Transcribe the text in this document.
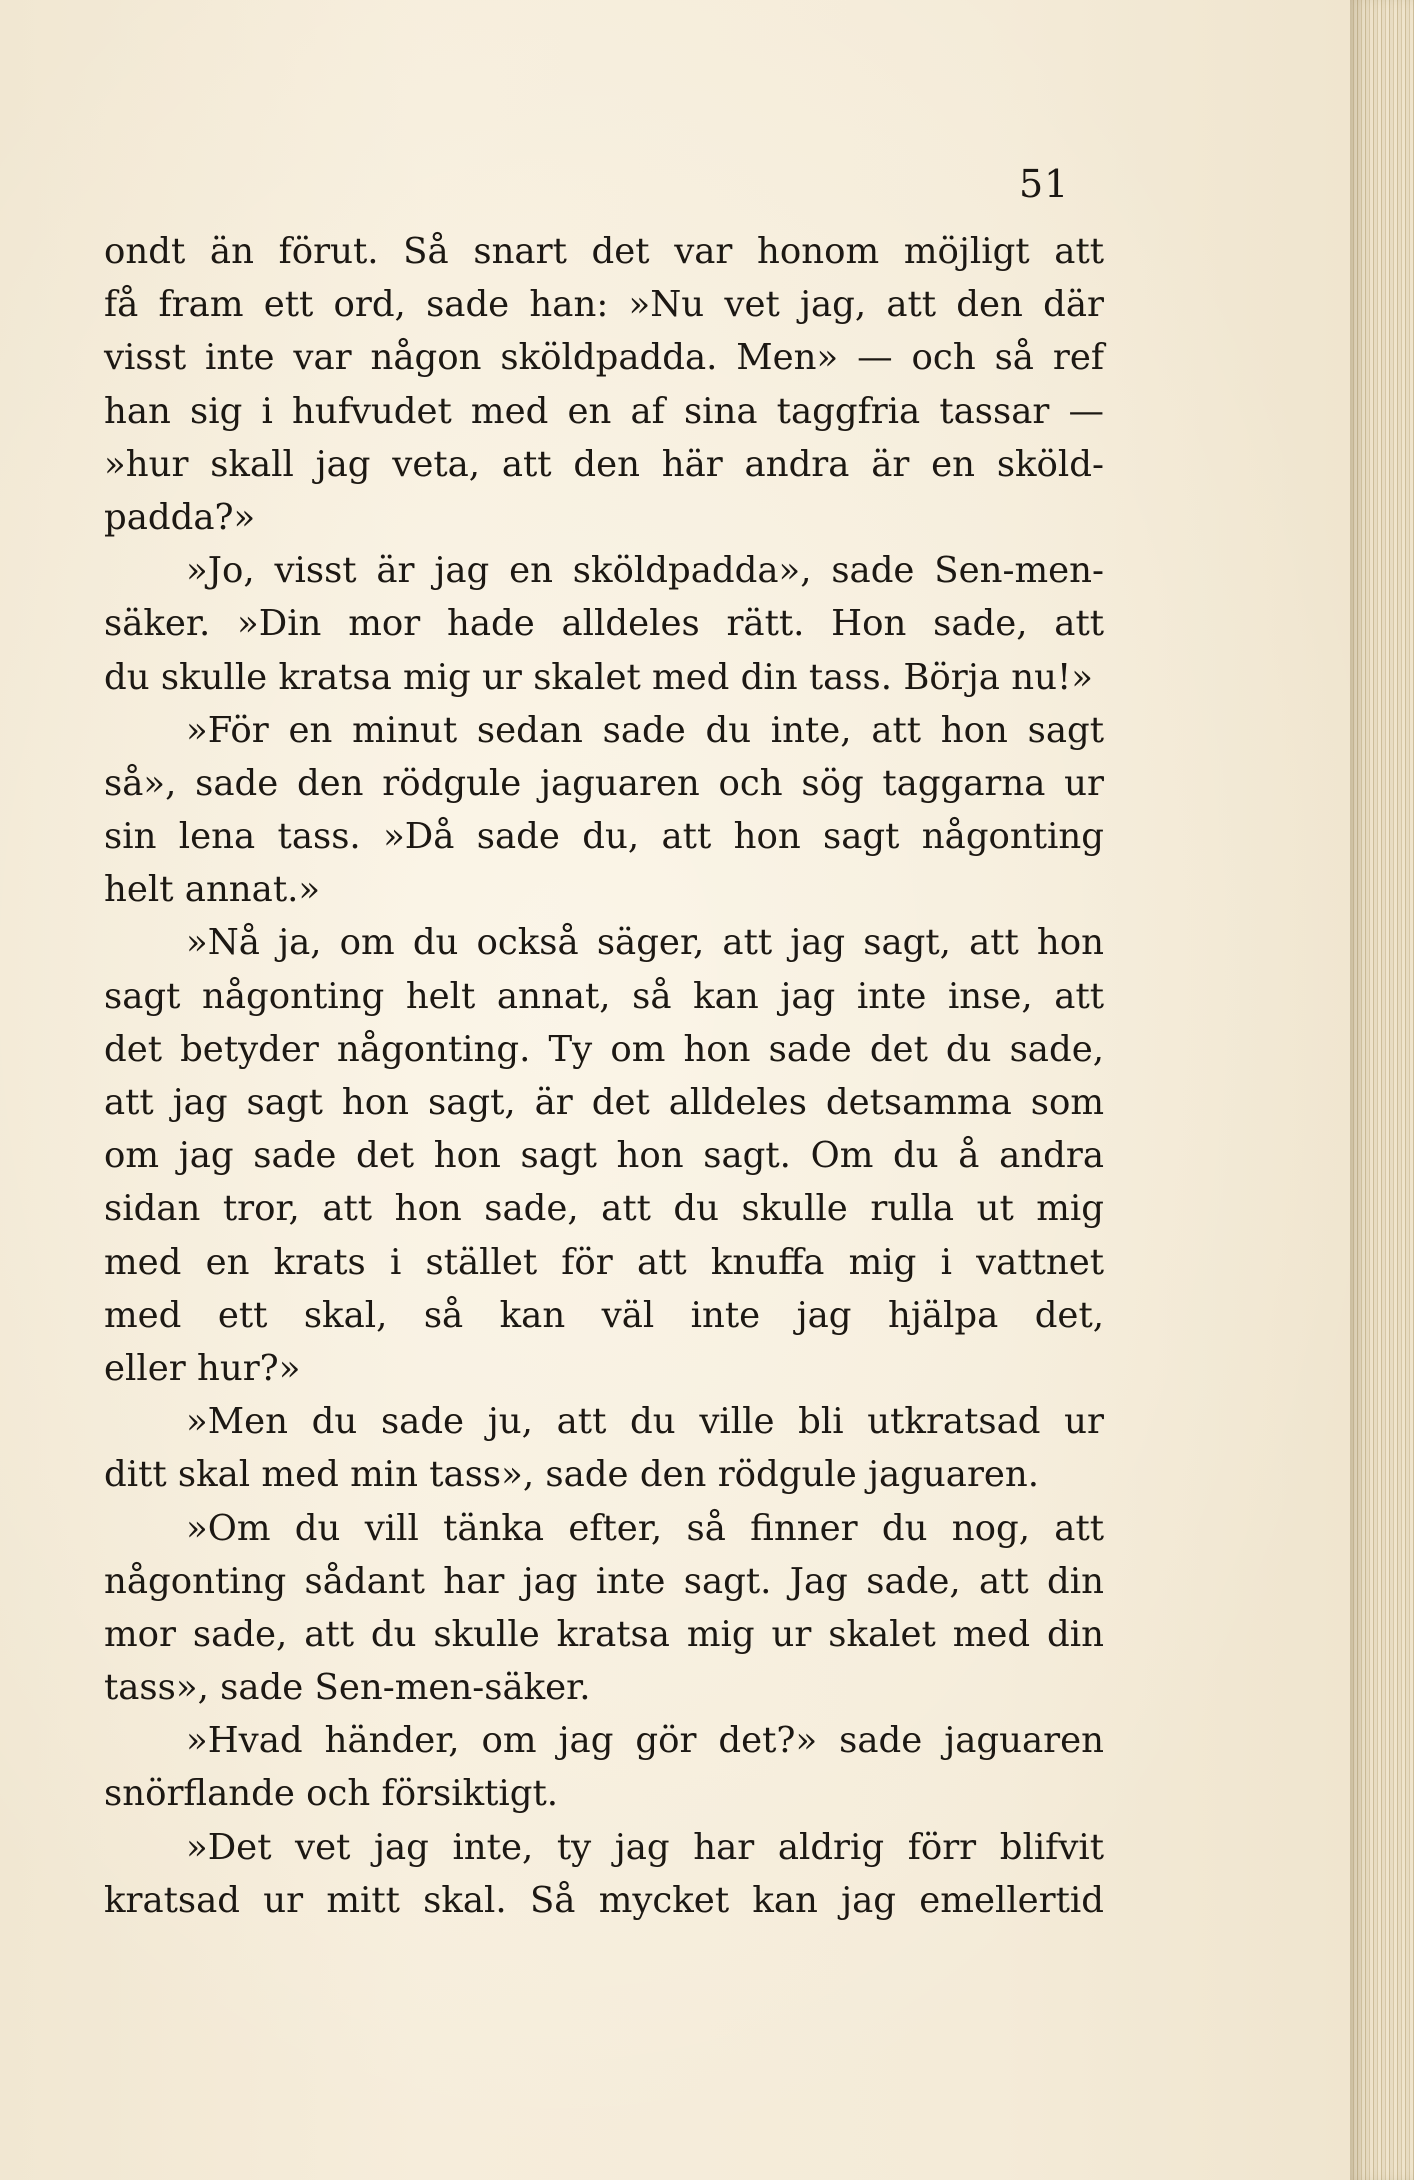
51
ondt än förut. Så snart det var honom möjligt att
få fram ett ord, sade han: »Nu vet jag, att den där
visst inte var någon sköldpadda. Men» — och så ref
han sig i hufvudet med en af sina taggfria tassar —
»hur skall jag veta, att den här andra är en sköld-
padda?»
»Jo, visst är jag en sköldpadda», sade Sen-men-
säker. »Din mor hade alldeles rätt. Hon sade, att
du skulle kratsa mig ur skalet med din tass. Börja nu!»
»För en minut sedan sade du inte, att hon sagt
så», sade den rödgule jaguaren och sög taggarna ur
sin lena tass. »Då sade du, att hon sagt någonting
helt annat.»
»Nå ja, om du också säger, att jag sagt, att hon
sagt någonting helt annat, så kan jag inte inse, att
det betyder någonting. Ty om hon sade det du sade,
att jag sagt hon sagt, är det alldeles detsamma som
om jag sade det hon sagt hon sagt. Om du å andra
sidan tror, att hon sade, att du skulle rulla ut mig
med en krats i stället för att knuffa mig i vattnet
med ett skal, så kan väl inte jag hjälpa det,
eller hur?»
»Men du sade ju, att du ville bli utkratsad ur
ditt skal med min tass», sade den rödgule jaguaren.
»Om du vill tänka efter, så finner du nog, att
någonting sådant har jag inte sagt. Jag sade, att din
mor sade, att du skulle kratsa mig ur skalet med din
tass», sade Sen-men-säker.
»Hvad händer, om jag gör det?» sade jaguaren
snörflande och försiktigt.
»Det vet jag inte, ty jag har aldrig förr blifvit
kratsad ur mitt skal. Så mycket kan jag emellertid
